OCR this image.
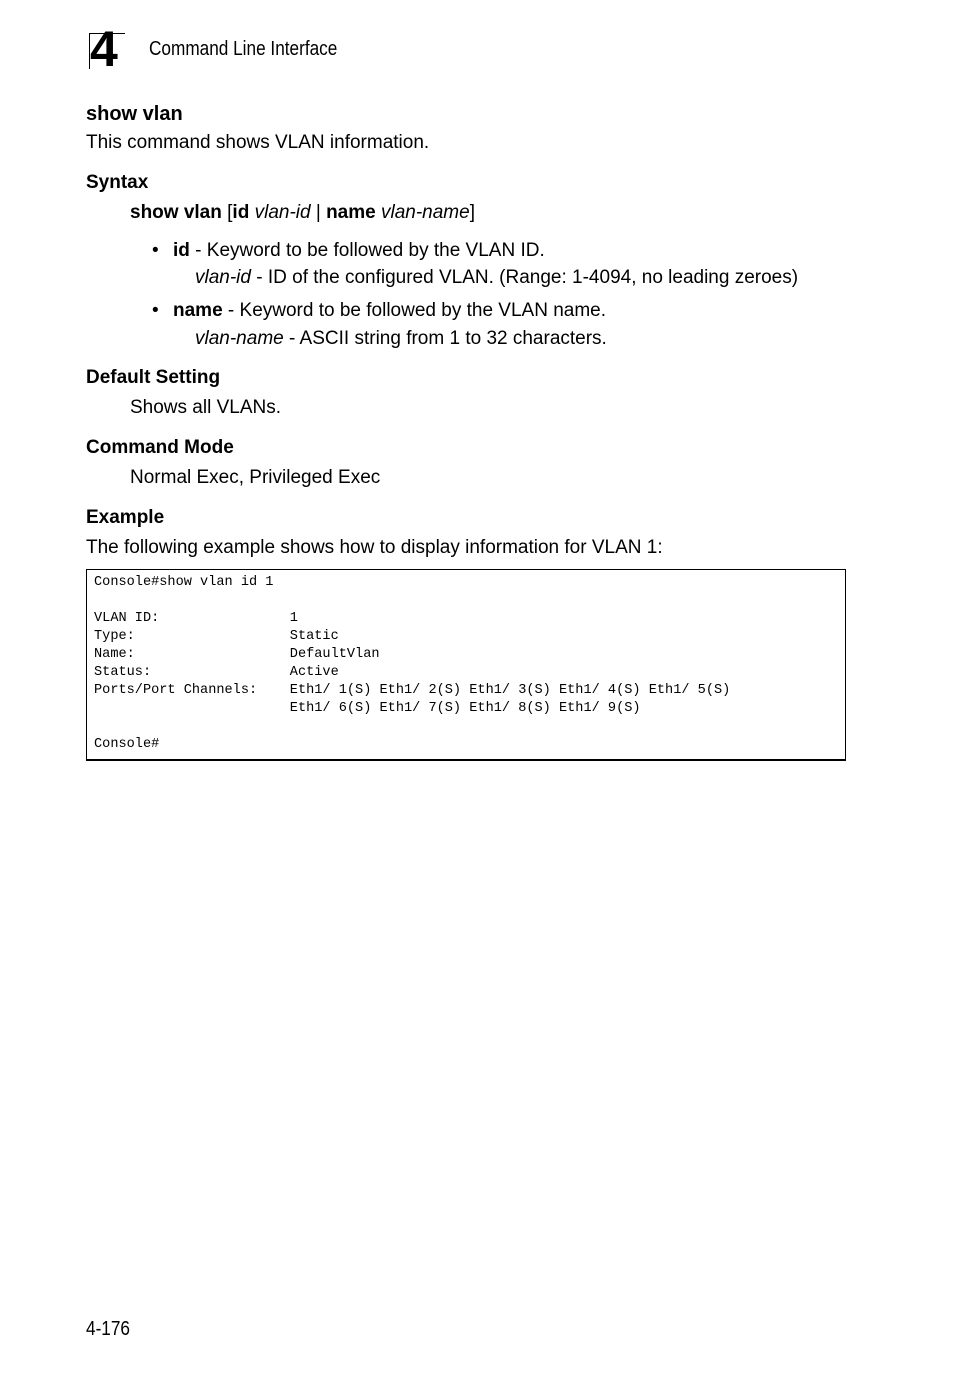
4 Command Line Interface
show vlan
This command shows VLAN information.
Syntax
show vlan [id vlan-id | name vlan-name]
• id - Keyword to be followed by the VLAN ID.
vlan-id - ID of the configured VLAN. (Range: 1-4094, no leading zeroes)
• name - Keyword to be followed by the VLAN name.
vlan-name - ASCII string from 1 to 32 characters.
Default Setting
Shows all VLANs.
Command Mode
Normal Exec, Privileged Exec
Example
The following example shows how to display information for VLAN 1:
Console#show vlan id 1
VLAN ID:                1
Type:                   Static
Name:                   DefaultVlan
Status:                 Active
Ports/Port Channels:    Eth1/ 1(S) Eth1/ 2(S) Eth1/ 3(S) Eth1/ 4(S) Eth1/ 5(S)
Eth1/ 6(S) Eth1/ 7(S) Eth1/ 8(S) Eth1/ 9(S)
Console#
4-176
